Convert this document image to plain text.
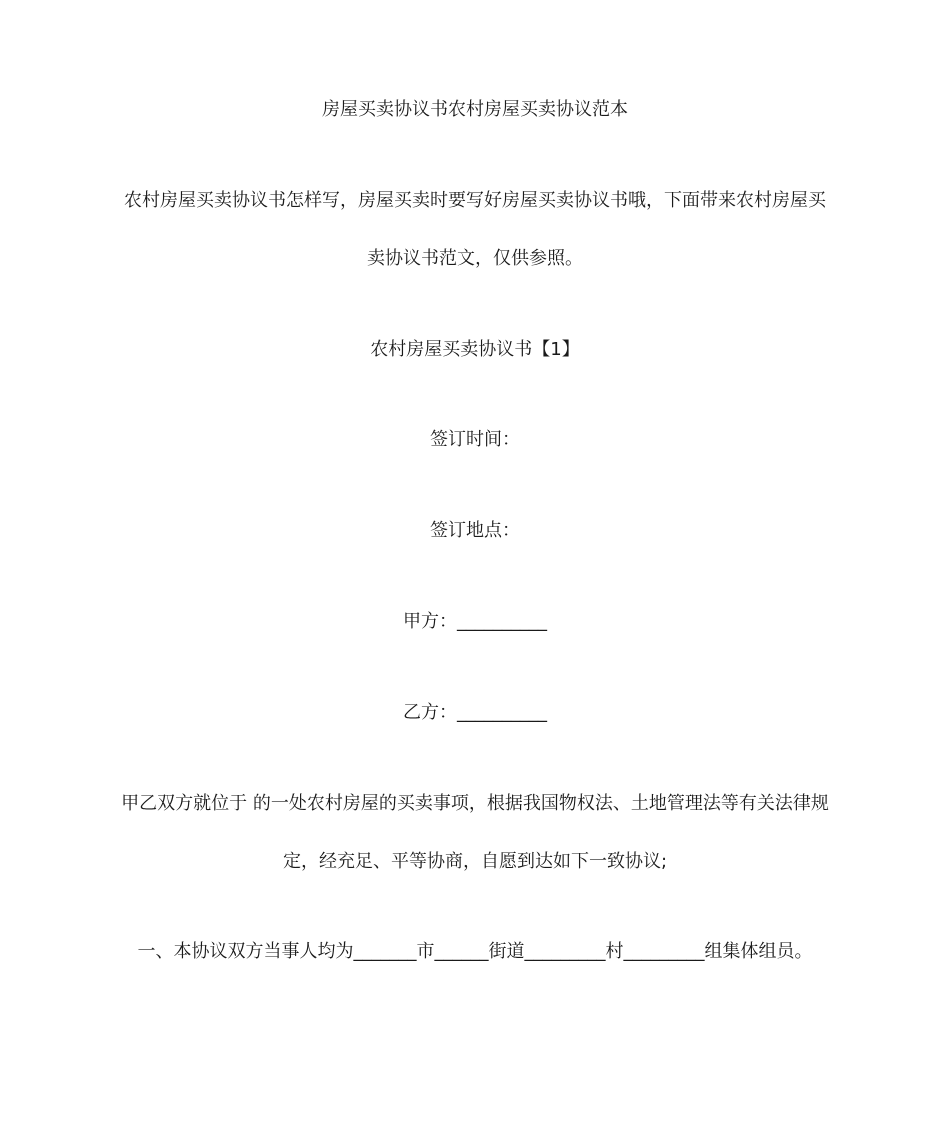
房屋买卖协议书农村房屋买卖协议范本
农村房屋买卖协议书怎样写，房屋买卖时要写好房屋买卖协议书哦，下面带来农村房屋买
卖协议书范文，仅供参照。
农村房屋买卖协议书【1】
签订时间：
签订地点：
甲方：__________
乙方：__________
甲乙双方就位于 的一处农村房屋的买卖事项，根据我国物权法、土地管理法等有关法律规
定，经充足、平等协商，自愿到达如下一致协议;
一、本协议双方当事人均为_______市______街道_________村_________组集体组员。
